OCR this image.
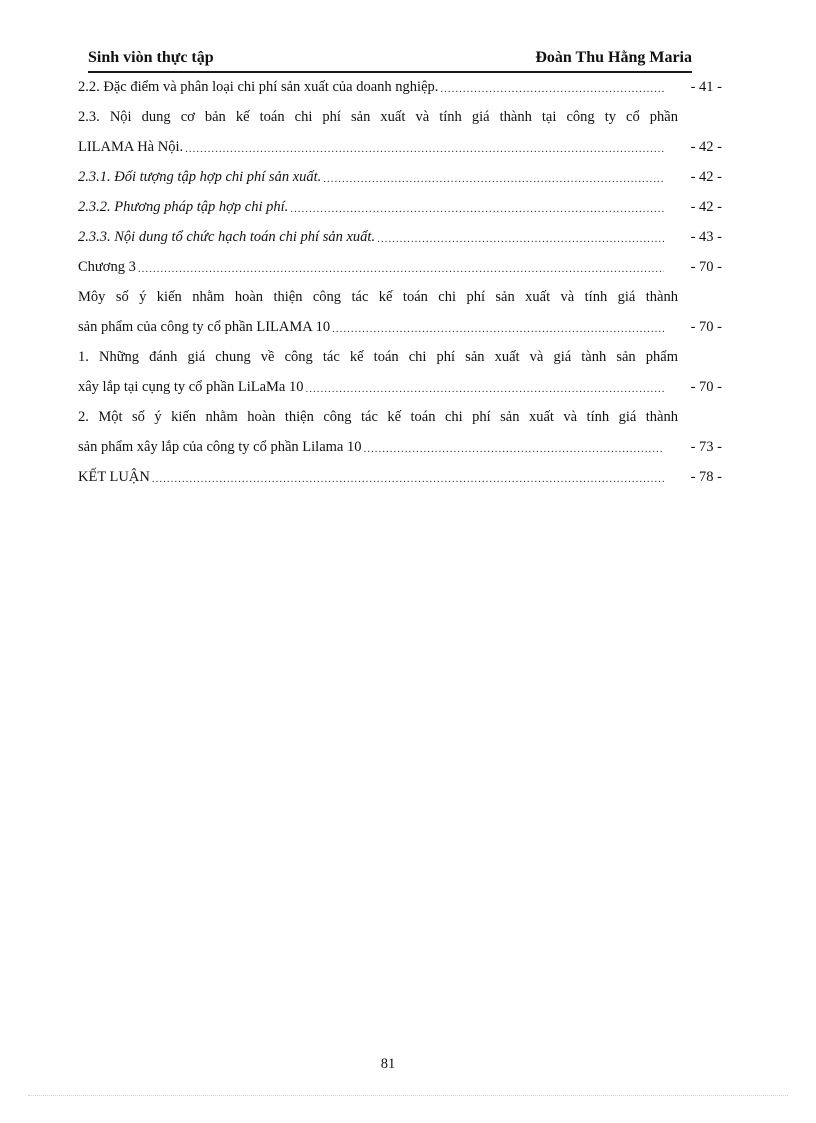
Sinh viòn thực tập	Đoàn Thu Hằng Maria
2.2. Đặc điểm và phân loại chi phí sản xuất của doanh nghiệp. .....	- 41 -
2.3. Nội dung cơ bản kế toán chi phí sản xuất và tính giá thành tại công ty cổ phần
LILAMA Hà Nội. .....	- 42 -
2.3.1. Đối tượng tập hợp chi phí sản xuất. .....	- 42 -
2.3.2. Phương pháp tập hợp chi phí. .....	- 42 -
2.3.3. Nội dung tổ chức hạch toán chi phí sản xuất. .....	- 43 -
Chương 3 .....	- 70 -
Môy số ý kiến nhằm hoàn thiện công tác kế toán chi phí sản xuất và tính giá thành
sản phẩm của công ty cổ phần LILAMA 10 .....	- 70 -
1. Những đánh giá chung về công tác kế toán chi phí sản xuất và giá tành sản phẩm
xây lắp tại cụng ty cổ phần LiLaMa 10 .....	- 70 -
2. Một số ý kiến nhằm hoàn thiện công tác kế toán chi phí sản xuất và tính giá thành
sản phẩm xây lắp của công ty cổ phần Lilama 10 .....	- 73 -
KẾT LUẬN .....	- 78 -
81
